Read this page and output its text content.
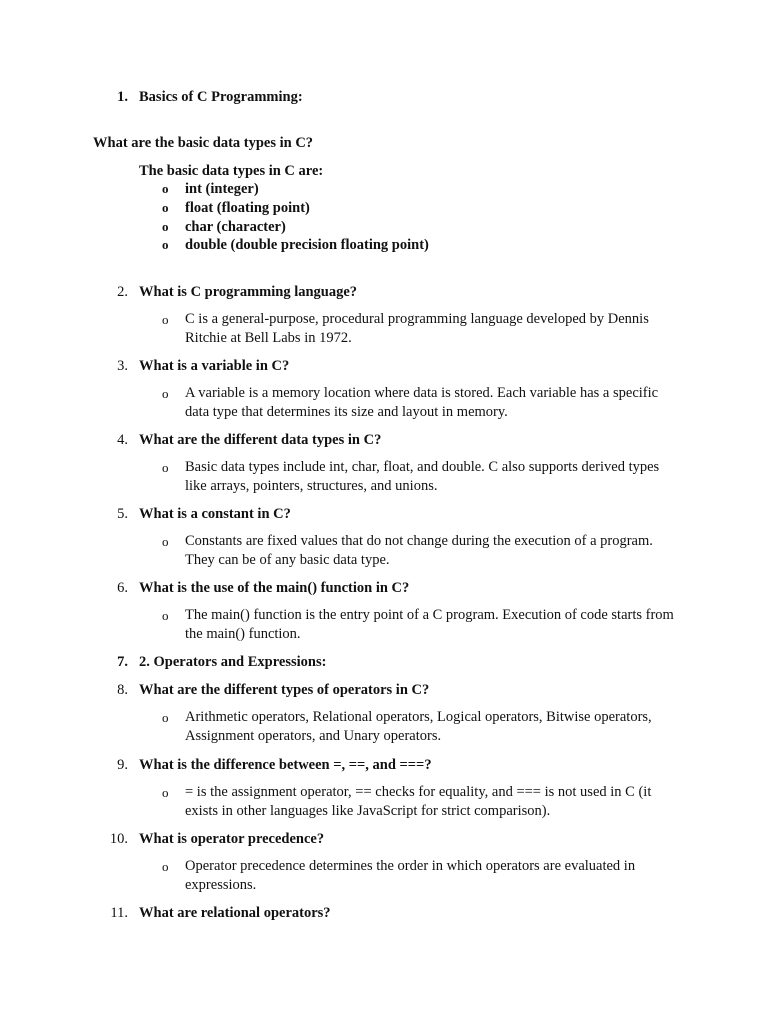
1. Basics of C Programming:
What are the basic data types in C?
The basic data types in C are:
o int (integer)
o float (floating point)
o char (character)
o double (double precision floating point)
2. What is C programming language?
o C is a general-purpose, procedural programming language developed by Dennis Ritchie at Bell Labs in 1972.
3. What is a variable in C?
o A variable is a memory location where data is stored. Each variable has a specific data type that determines its size and layout in memory.
4. What are the different data types in C?
o Basic data types include int, char, float, and double. C also supports derived types like arrays, pointers, structures, and unions.
5. What is a constant in C?
o Constants are fixed values that do not change during the execution of a program. They can be of any basic data type.
6. What is the use of the main() function in C?
o The main() function is the entry point of a C program. Execution of code starts from the main() function.
7. 2. Operators and Expressions:
8. What are the different types of operators in C?
o Arithmetic operators, Relational operators, Logical operators, Bitwise operators, Assignment operators, and Unary operators.
9. What is the difference between =, ==, and ===?
o = is the assignment operator, == checks for equality, and === is not used in C (it exists in other languages like JavaScript for strict comparison).
10. What is operator precedence?
o Operator precedence determines the order in which operators are evaluated in expressions.
11. What are relational operators?
